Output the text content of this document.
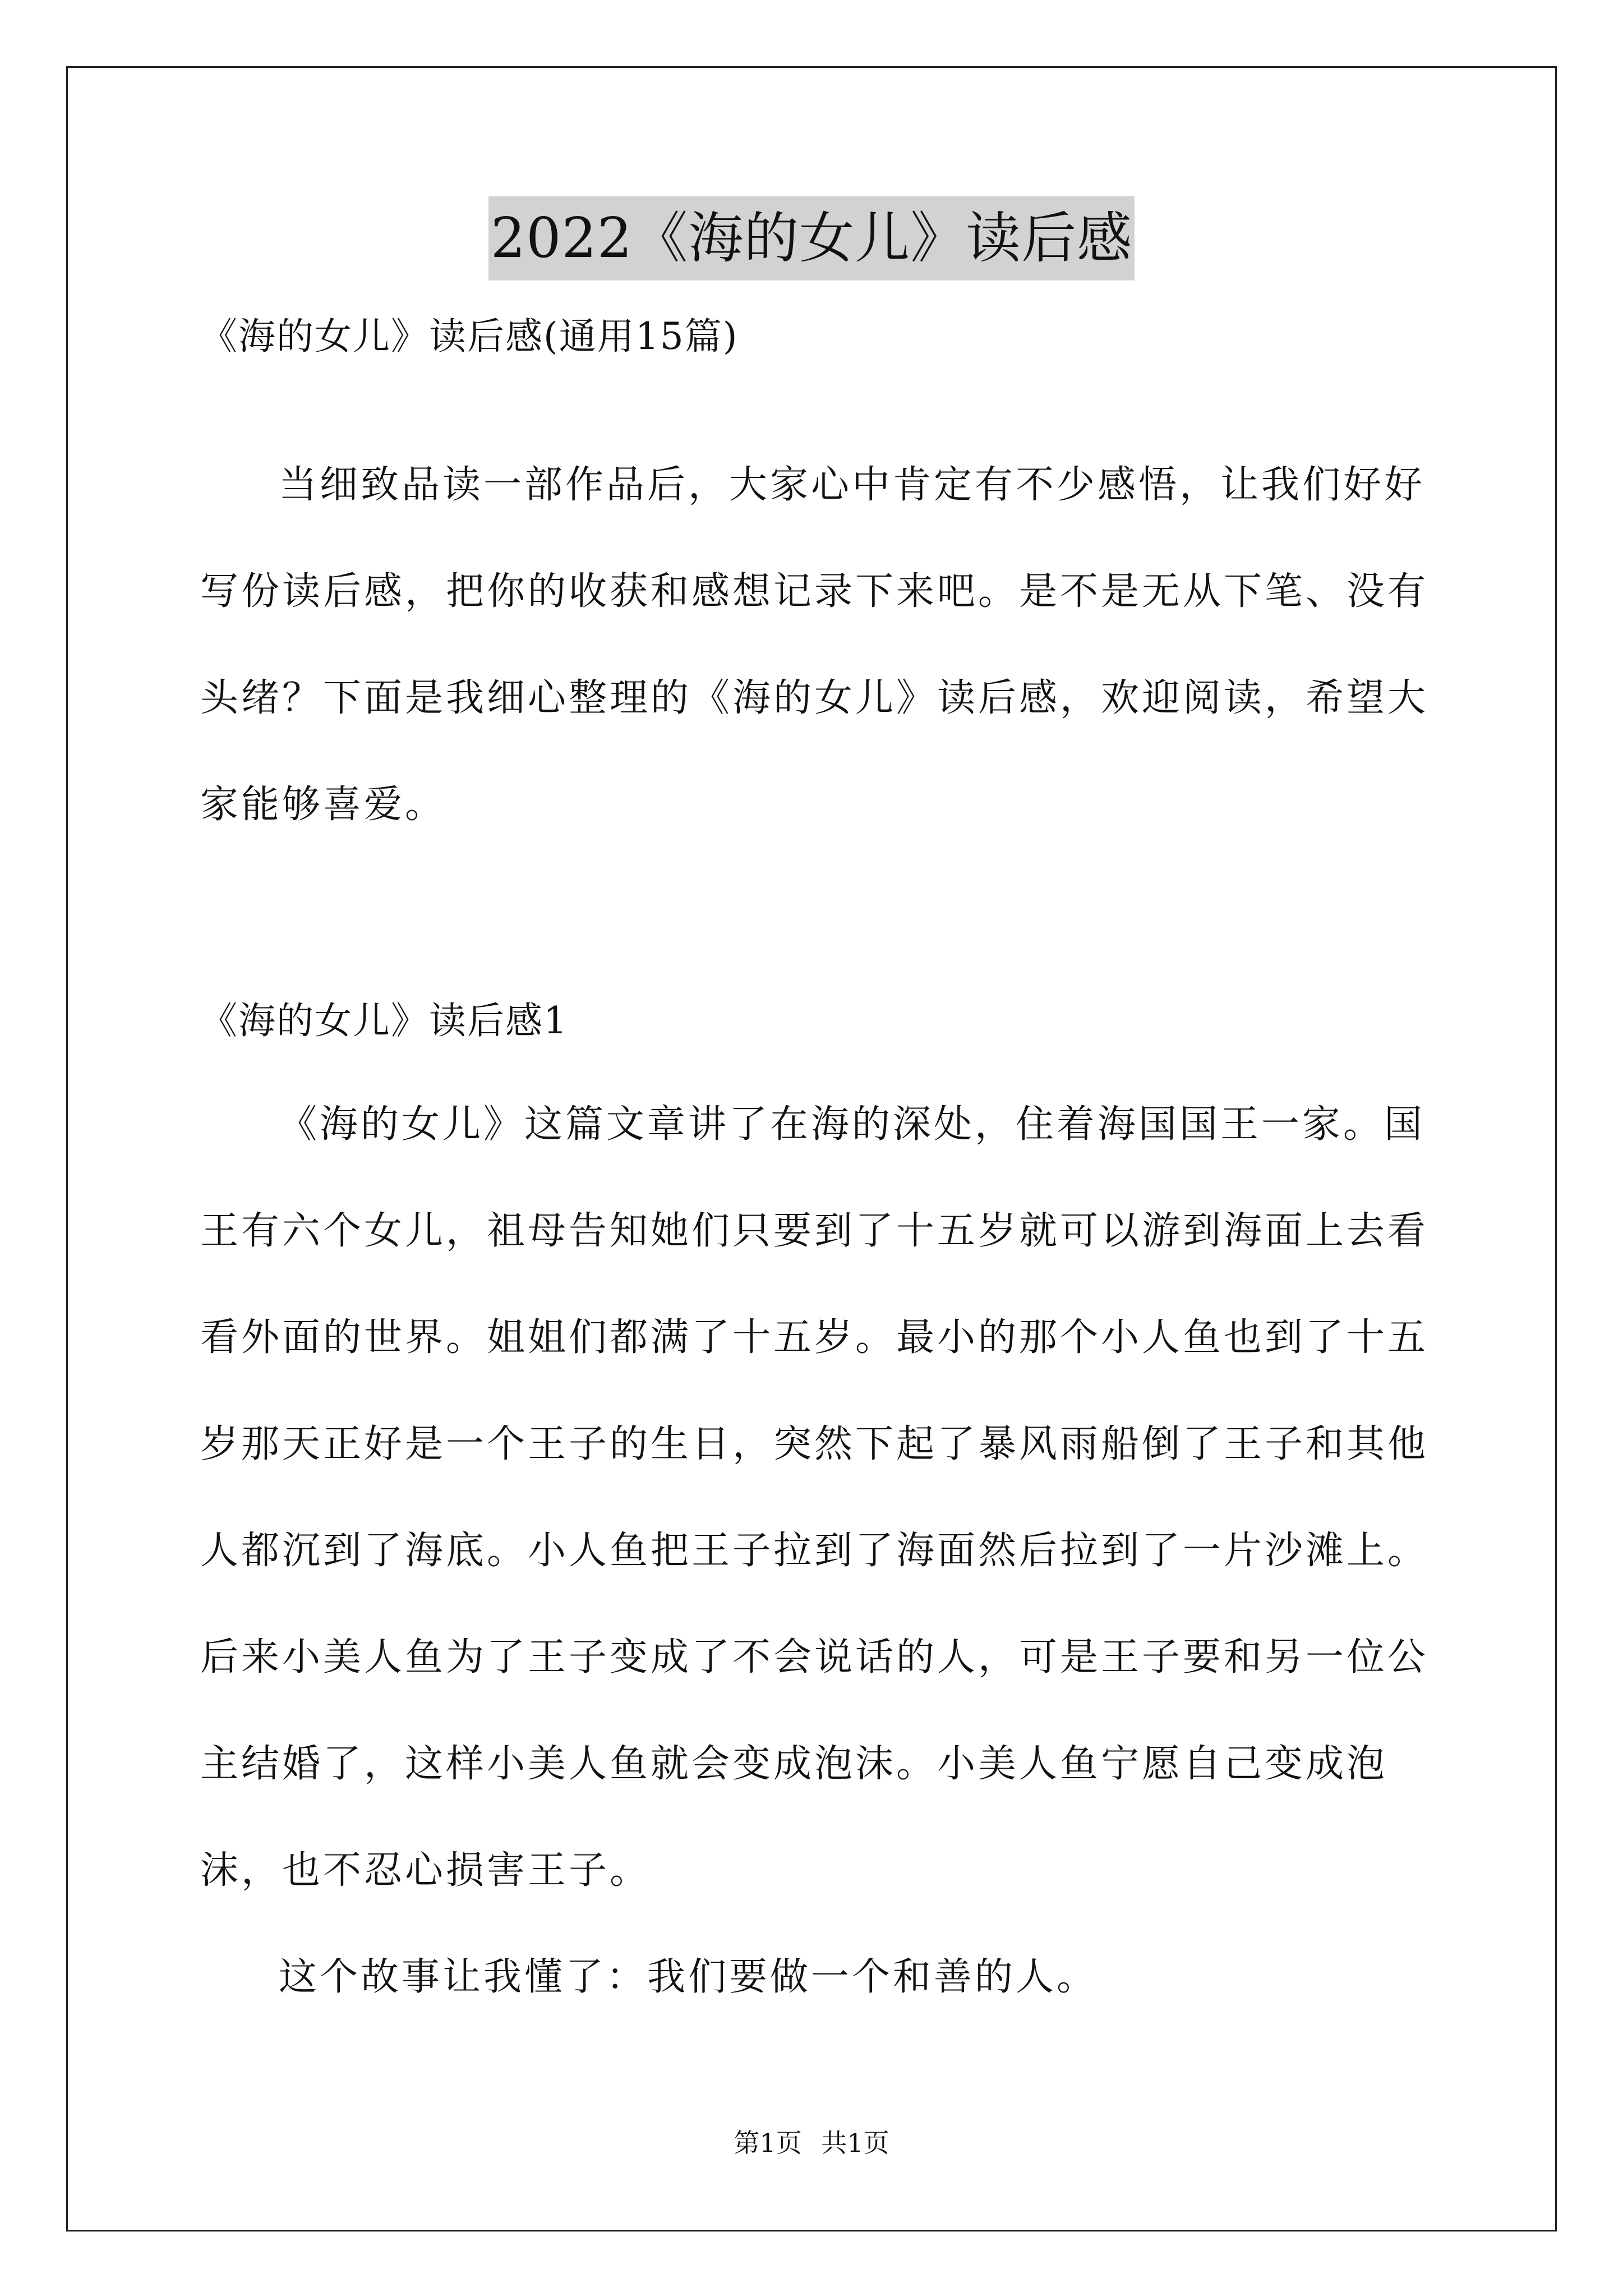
2022《海的女儿》读后感

《海的女儿》读后感(通用15篇)

当细致品读一部作品后，大家心中肯定有不少感悟，让我们好好写份读后感，把你的收获和感想记录下来吧。是不是无从下笔、没有头绪？下面是我细心整理的《海的女儿》读后感，欢迎阅读，希望大家能够喜爱。

《海的女儿》读后感1

《海的女儿》这篇文章讲了在海的深处，住着海国国王一家。国王有六个女儿，祖母告知她们只要到了十五岁就可以游到海面上去看看外面的世界。姐姐们都满了十五岁。最小的那个小人鱼也到了十五岁那天正好是一个王子的生日，突然下起了暴风雨船倒了王子和其他人都沉到了海底。小人鱼把王子拉到了海面然后拉到了一片沙滩上。后来小美人鱼为了王子变成了不会说话的人，可是王子要和另一位公主结婚了，这样小美人鱼就会变成泡沫。小美人鱼宁愿自己变成泡沫，也不忍心损害王子。

这个故事让我懂了：我们要做一个和善的人。

第1页 共1页
